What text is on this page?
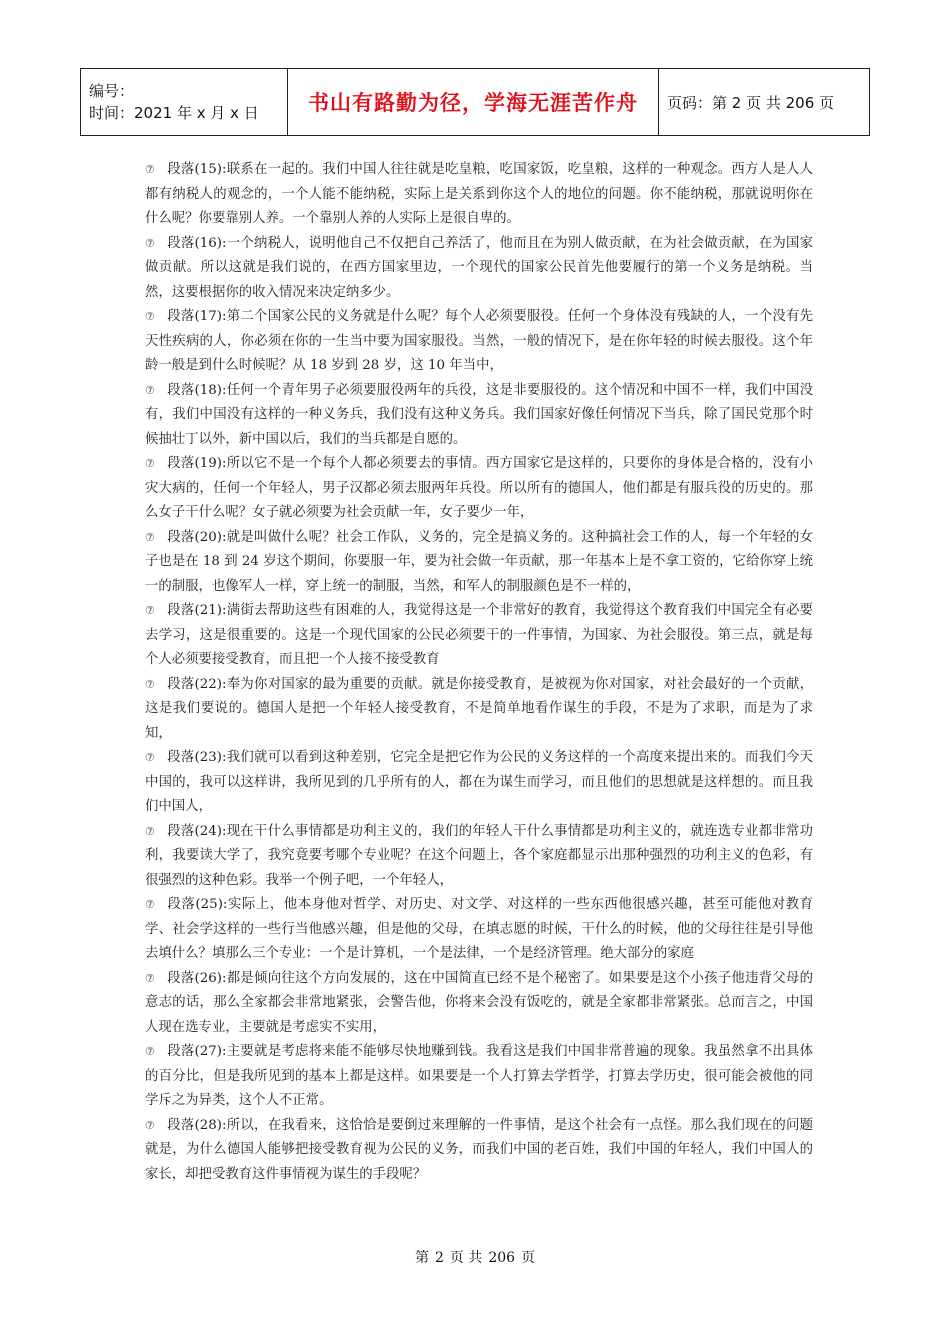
编号：
时间：2021 年 x 月 x 日	书山有路勤为径，学海无涯苦作舟	页码：第 2 页 共 206 页

⑦ 段落(15):联系在一起的。我们中国人往往就是吃皇粮，吃国家饭，吃皇粮，这样的一种观念。西方人是人人都有纳税人的观念的，一个人能不能纳税，实际上是关系到你这个人的地位的问题。你不能纳税，那就说明你在什么呢？你要靠别人养。一个靠别人养的人实际上是很自卑的。

⑦ 段落(16):一个纳税人，说明他自己不仅把自己养活了，他而且在为别人做贡献，在为社会做贡献，在为国家做贡献。所以这就是我们说的，在西方国家里边，一个现代的国家公民首先他要履行的第一个义务是纳税。当然，这要根据你的收入情况来决定纳多少。

⑦ 段落(17):第二个国家公民的义务就是什么呢？每个人必须要服役。任何一个身体没有残缺的人，一个没有先天性疾病的人，你必须在你的一生当中要为国家服役。当然，一般的情况下，是在你年轻的时候去服役。这个年龄一般是到什么时候呢？从 18 岁到 28 岁，这 10 年当中，

⑦ 段落(18):任何一个青年男子必须要服役两年的兵役，这是非要服役的。这个情况和中国不一样，我们中国没有，我们中国没有这样的一种义务兵，我们没有这种义务兵。我们国家好像任何情况下当兵，除了国民党那个时候抽壮丁以外，新中国以后，我们的当兵都是自愿的。

⑦ 段落(19):所以它不是一个每个人都必须要去的事情。西方国家它是这样的，只要你的身体是合格的，没有小灾大病的，任何一个年轻人，男子汉都必须去服两年兵役。所以所有的德国人，他们都是有服兵役的历史的。那么女子干什么呢？女子就必须要为社会贡献一年，女子要少一年，

⑦ 段落(20):就是叫做什么呢？社会工作队，义务的，完全是搞义务的。这种搞社会工作的人，每一个年轻的女子也是在 18 到 24 岁这个期间，你要服一年，要为社会做一年贡献，那一年基本上是不拿工资的，它给你穿上统一的制服，也像军人一样，穿上统一的制服，当然，和军人的制服颜色是不一样的，

⑦ 段落(21):满街去帮助这些有困难的人，我觉得这是一个非常好的教育，我觉得这个教育我们中国完全有必要去学习，这是很重要的。这是一个现代国家的公民必须要干的一件事情，为国家、为社会服役。第三点，就是每个人必须要接受教育，而且把一个人接不接受教育

⑦ 段落(22):奉为你对国家的最为重要的贡献。就是你接受教育，是被视为你对国家，对社会最好的一个贡献，这是我们要说的。德国人是把一个年轻人接受教育，不是简单地看作谋生的手段，不是为了求职，而是为了求知，

⑦ 段落(23):我们就可以看到这种差别，它完全是把它作为公民的义务这样的一个高度来提出来的。而我们今天中国的，我可以这样讲，我所见到的几乎所有的人，都在为谋生而学习，而且他们的思想就是这样想的。而且我们中国人，

⑦ 段落(24):现在干什么事情都是功利主义的，我们的年轻人干什么事情都是功利主义的，就连选专业都非常功利，我要读大学了，我究竟要考哪个专业呢？在这个问题上，各个家庭都显示出那种强烈的功利主义的色彩，有很强烈的这种色彩。我举一个例子吧，一个年轻人，

⑦ 段落(25):实际上，他本身他对哲学、对历史、对文学、对这样的一些东西他很感兴趣，甚至可能他对教育学、社会学这样的一些行当他感兴趣，但是他的父母，在填志愿的时候，干什么的时候，他的父母往往是引导他去填什么？填那么三个专业：一个是计算机，一个是法律，一个是经济管理。绝大部分的家庭

⑦ 段落(26):都是倾向往这个方向发展的，这在中国简直已经不是个秘密了。如果要是这个小孩子他违背父母的意志的话，那么全家都会非常地紧张，会警告他，你将来会没有饭吃的，就是全家都非常紧张。总而言之，中国人现在选专业，主要就是考虑实不实用，

⑦ 段落(27):主要就是考虑将来能不能够尽快地赚到钱。我看这是我们中国非常普遍的现象。我虽然拿不出具体的百分比，但是我所见到的基本上都是这样。如果要是一个人打算去学哲学，打算去学历史，很可能会被他的同学斥之为异类，这个人不正常。

⑦ 段落(28):所以，在我看来，这恰恰是要倒过来理解的一件事情，是这个社会有一点怪。那么我们现在的问题就是，为什么德国人能够把接受教育视为公民的义务，而我们中国的老百姓，我们中国的年轻人，我们中国人的家长，却把受教育这件事情视为谋生的手段呢？

第 2 页 共 206 页
